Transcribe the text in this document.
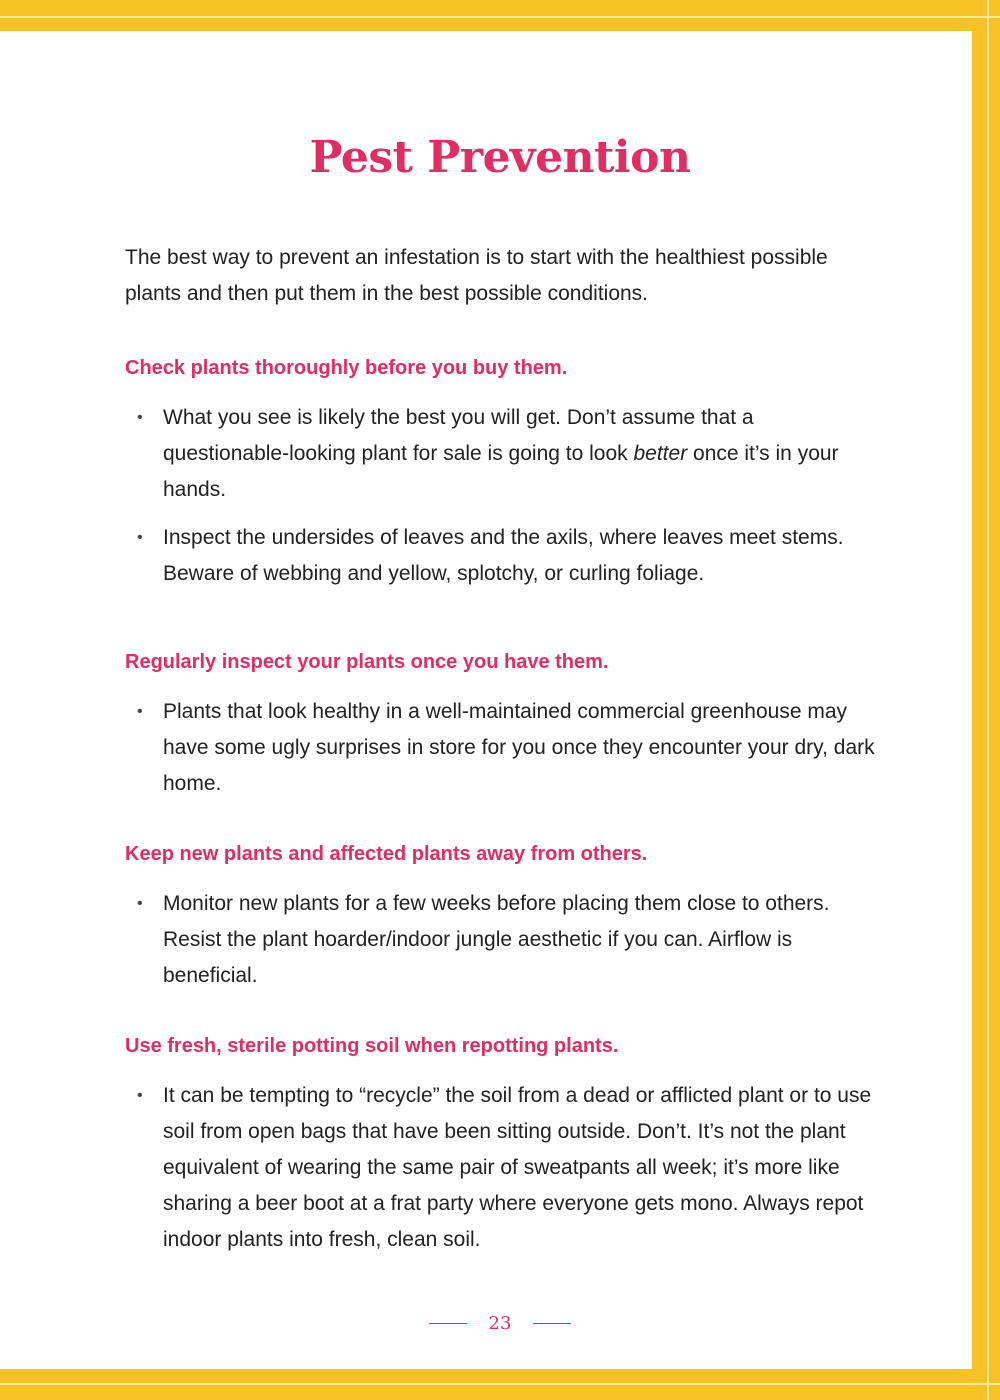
Pest Prevention

The best way to prevent an infestation is to start with the healthiest possible plants and then put them in the best possible conditions.

Check plants thoroughly before you buy them.
• What you see is likely the best you will get. Don’t assume that a questionable-looking plant for sale is going to look better once it’s in your hands.
• Inspect the undersides of leaves and the axils, where leaves meet stems. Beware of webbing and yellow, splotchy, or curling foliage.
Regularly inspect your plants once you have them.
• Plants that look healthy in a well-maintained commercial greenhouse may have some ugly surprises in store for you once they encounter your dry, dark home.
Keep new plants and affected plants away from others.
• Monitor new plants for a few weeks before placing them close to others. Resist the plant hoarder/indoor jungle aesthetic if you can. Airflow is beneficial.
Use fresh, sterile potting soil when repotting plants.
• It can be tempting to “recycle” the soil from a dead or afflicted plant or to use soil from open bags that have been sitting outside. Don’t. It’s not the plant equivalent of wearing the same pair of sweatpants all week; it’s more like sharing a beer boot at a frat party where everyone gets mono. Always repot indoor plants into fresh, clean soil.
23
